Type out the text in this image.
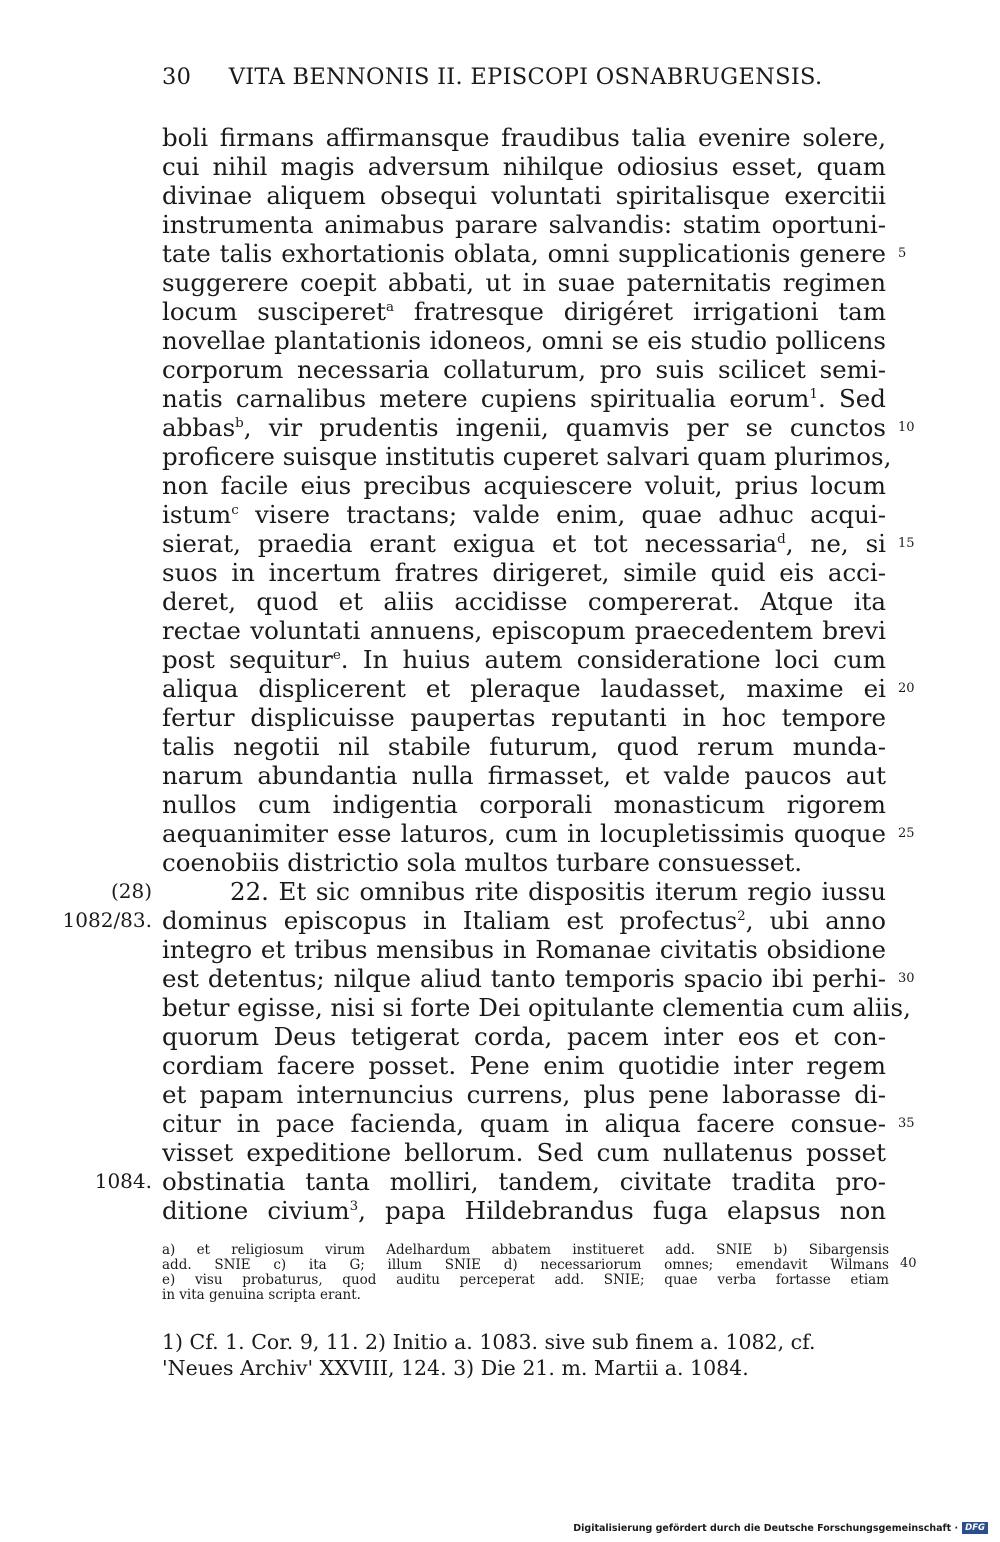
30 VITA BENNONIS II. EPISCOPI OSNABRUGENSIS.
boli firmans affirmansque fraudibus talia evenire solere,
cui nihil magis adversum nihilque odiosius esset, quam
divinae aliquem obsequi voluntati spiritalisque exercitii
instrumenta animabus parare salvandis: statim oportuni-
tate talis exhortationis oblata, omni supplicationis genere
suggerere coepit abbati, ut in suae paternitatis regimen
locum susciperet$^a$ fratresque dirigéret irrigationi tam
novellae plantationis idoneos, omni se eis studio pollicens
corporum necessaria collaturum, pro suis scilicet semi-
natis carnalibus metere cupiens spiritualia eorum$^1$. Sed
abbas$^b$, vir prudentis ingenii, quamvis per se cunctos
proficere suisque institutis cuperet salvari quam plurimos,
non facile eius precibus acquiescere voluit, prius locum
istum$^c$ visere tractans; valde enim, quae adhuc acqui-
sierat, praedia erant exigua et tot necessaria$^d$, ne, si
suos in incertum fratres dirigeret, simile quid eis acci-
deret, quod et aliis accidisse compererat. Atque ita
rectae voluntati annuens, episcopum praecedentem brevi
post sequitur$^e$. In huius autem consideratione loci cum
aliqua displicerent et pleraque laudasset, maxime ei
fertur displicuisse paupertas reputanti in hoc tempore
talis negotii nil stabile futurum, quod rerum munda-
narum abundantia nulla firmasset, et valde paucos aut
nullos cum indigentia corporali monasticum rigorem
aequanimiter esse laturos, cum in locupletissimis quoque
coenobiis districtio sola multos turbare consuesset.
22. Et sic omnibus rite dispositis iterum regio iussu
dominus episcopus in Italiam est profectus$^2$, ubi anno
integro et tribus mensibus in Romanae civitatis obsidione
est detentus; nilque aliud tanto temporis spacio ibi perhi-
betur egisse, nisi si forte Dei opitulante clementia cum aliis,
quorum Deus tetigerat corda, pacem inter eos et con-
cordiam facere posset. Pene enim quotidie inter regem
et papam internuncius currens, plus pene laborasse di-
citur in pace facienda, quam in aliqua facere consue-
visset expeditione bellorum. Sed cum nullatenus posset
obstinatia tanta molliri, tandem, civitate tradita pro-
ditione civium$^3$, papa Hildebrandus fuga elapsus non
5
10
15
20
25
30
35
(28)
1082/83.
1084.
a) et religiosum virum Adelhardum abbatem institueret add. SNIE b) Sibargensis
add. SNIE c) ita G; illum SNIE d) necessariorum omnes; emendavit Wilmans
e) visu probaturus, quod auditu perceperat add. SNIE; quae verba fortasse etiam
in vita genuina scripta erant.
40
1) Cf. 1. Cor. 9, 11. 2) Initio a. 1083. sive sub finem a. 1082, cf.
'Neues Archiv' XXVIII, 124. 3) Die 21. m. Martii a. 1084.
Digitalisierung gefördert durch die Deutsche Forschungsgemeinschaft · DFG
